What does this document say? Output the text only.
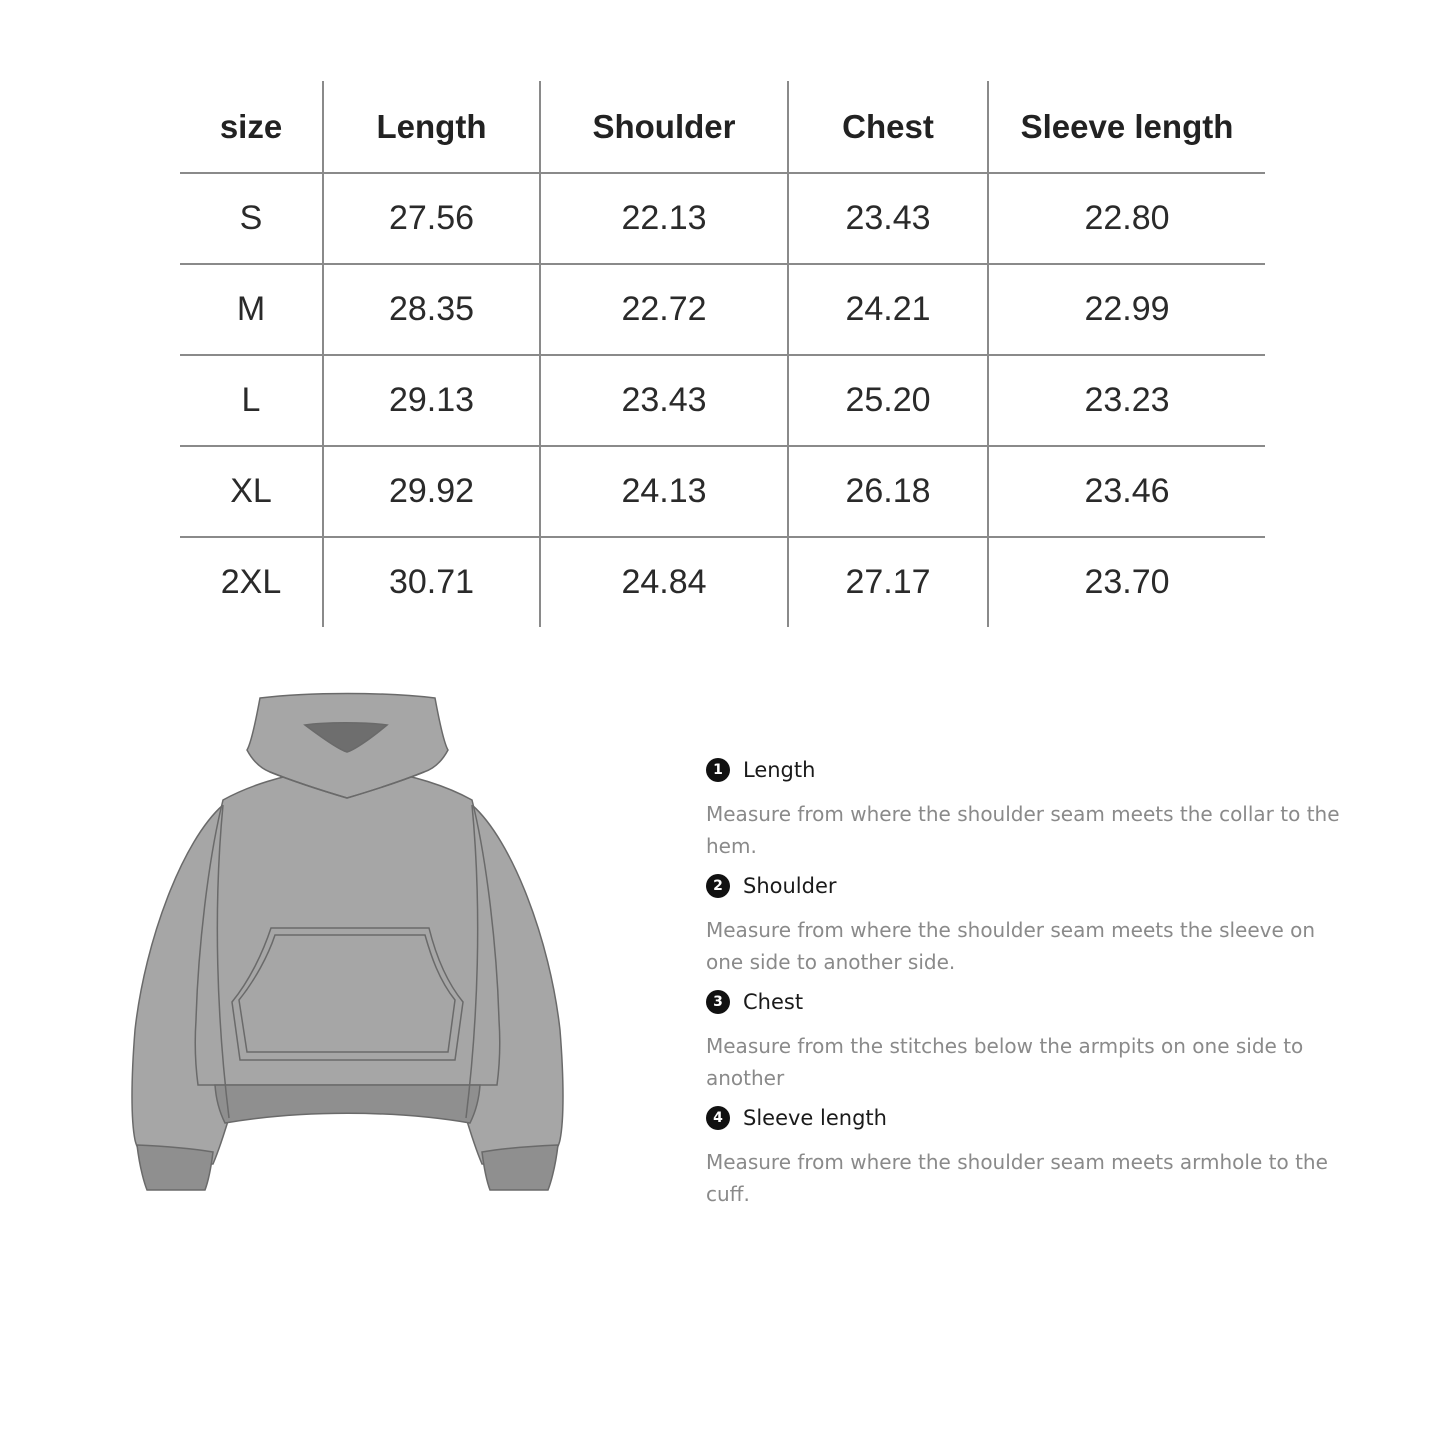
size	Length	Shoulder	Chest	Sleeve length
S	27.56	22.13	23.43	22.80
M	28.35	22.72	24.21	22.99
L	29.13	23.43	25.20	23.23
XL	29.92	24.13	26.18	23.46
2XL	30.71	24.84	27.17	23.70
1 Length
Measure from where the shoulder seam meets the collar to the hem.
2 Shoulder
Measure from where the shoulder seam meets the sleeve on one side to another side.
3 Chest
Measure from the stitches below the armpits on one side to another
4 Sleeve length
Measure from where the shoulder seam meets armhole to the cuff.
